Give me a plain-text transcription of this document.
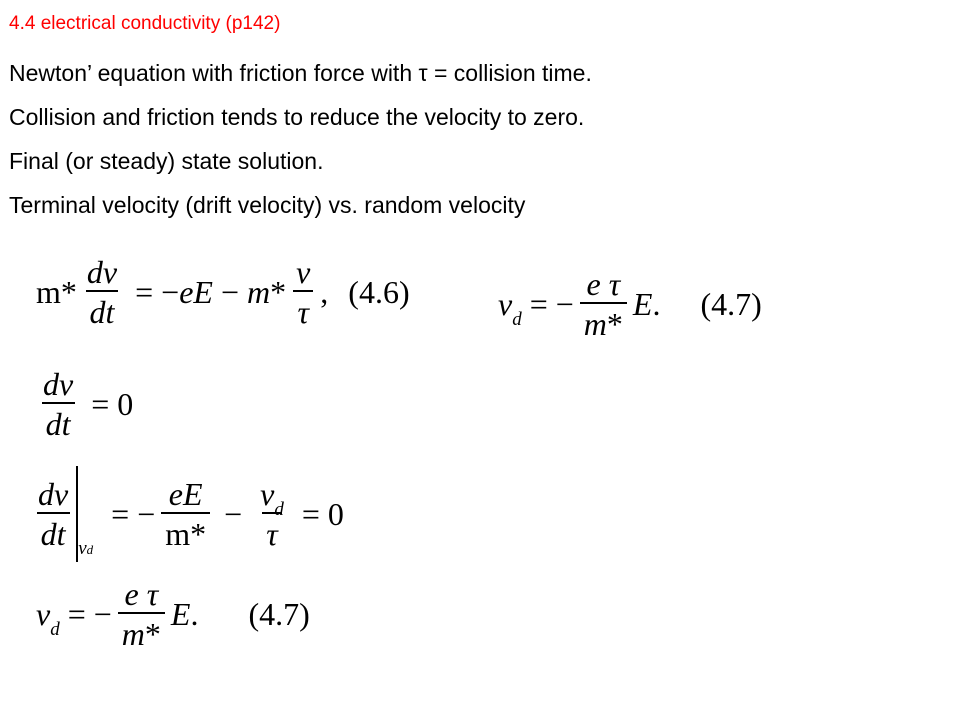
4.4 electrical conductivity (p142)
Newton’ equation with friction force with τ = collision time.
Collision and friction tends to reduce the velocity to zero.
Final (or steady) state solution.
Terminal velocity (drift velocity) vs. random velocity
$m* \frac{dv}{dt} = -eE - m* \frac{v}{\tau}$ , (4.6)	$v_d$ = − $\frac{\text{e τ}}{m*}$ E . (4.7)
$\frac{dv}{dt} = 0$
$\frac{dv}{dt}$ vd
= − $\frac{eE}{m*} - \frac{v_d}{\tau} = 0$
$v_d$ = − $\frac{\text{e τ}}{m*}$ E . (4.7)
